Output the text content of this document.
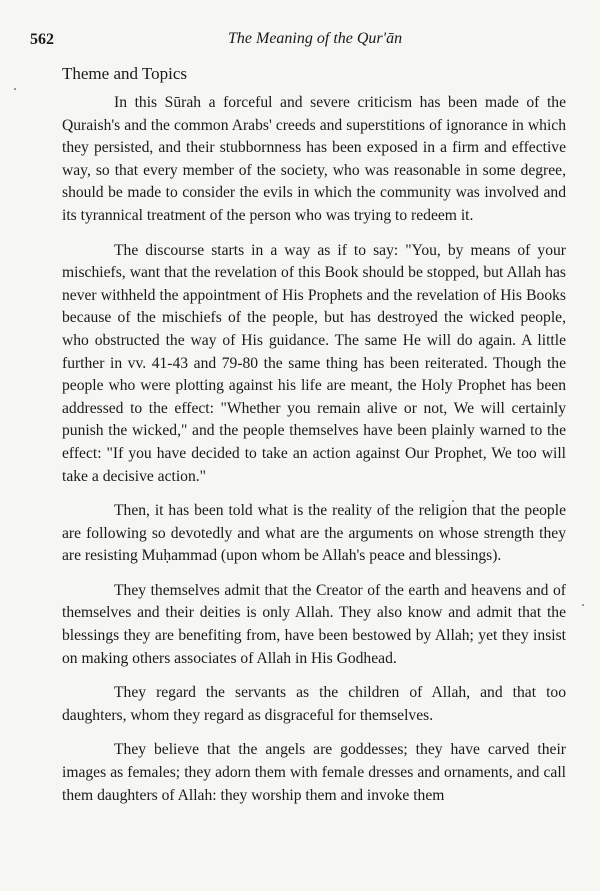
562	The Meaning of the Qur'ān
Theme and Topics

In this Sūrah a forceful and severe criticism has been made of the Quraish's and the common Arabs' creeds and superstitions of ignorance in which they persisted, and their stubbornness has been exposed in a firm and effective way, so that every member of the society, who was reasonable in some degree, should be made to consider the evils in which the community was involved and its tyrannical treatment of the person who was trying to redeem it.

The discourse starts in a way as if to say: "You, by means of your mischiefs, want that the revelation of this Book should be stopped, but Allah has never withheld the appointment of His Prophets and the revelation of His Books because of the mischiefs of the people, but has destroyed the wicked people, who obstructed the way of His guidance. The same He will do again. A little further in vv. 41-43 and 79-80 the same thing has been reiterated. Though the people who were plotting against his life are meant, the Holy Prophet has been addressed to the effect: "Whether you remain alive or not, We will certainly punish the wicked," and the people themselves have been plainly warned to the effect: "If you have decided to take an action against Our Prophet, We too will take a decisive action."

Then, it has been told what is the reality of the religion that the people are following so devotedly and what are the arguments on whose strength they are resisting Muḥammad (upon whom be Allah's peace and blessings).

They themselves admit that the Creator of the earth and heavens and of themselves and their deities is only Allah. They also know and admit that the blessings they are benefiting from, have been bestowed by Allah; yet they insist on making others associates of Allah in His Godhead.

They regard the servants as the children of Allah, and that too daughters, whom they regard as disgraceful for themselves.

They believe that the angels are goddesses; they have carved their images as females; they adorn them with female dresses and ornaments, and call them daughters of Allah: they worship them and invoke them
